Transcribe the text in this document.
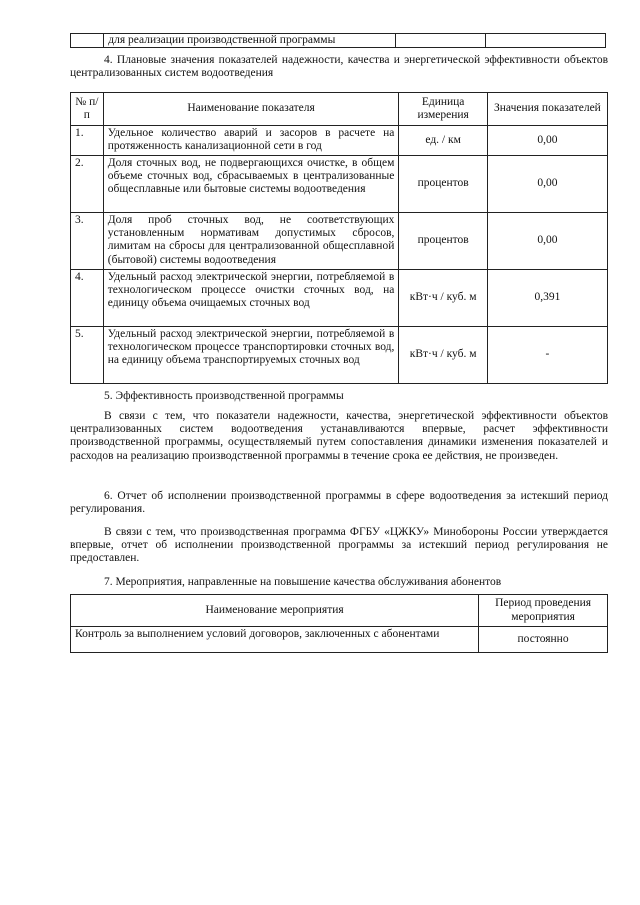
	для реализации производственной программы		

4. Плановые значения показателей надежности, качества и энергетической эффективности объектов централизованных систем водоотведения

№ п/п	Наименование показателя	Единица измерения	Значения показателей
1.	Удельное количество аварий и засоров в расчете на протяженность канализационной сети в год	ед. / км	0,00
2.	Доля сточных вод, не подвергающихся очистке, в общем объеме сточных вод, сбрасываемых в централизованные общесплавные или бытовые системы водоотведения	процентов	0,00
3.	Доля проб сточных вод, не соответствующих установленным нормативам допустимых сбросов, лимитам на сбросы для централизованной общесплавной (бытовой) системы водоотведения	процентов	0,00
4.	Удельный расход электрической энергии, потребляемой в технологическом процессе очистки сточных вод, на единицу объема очищаемых сточных вод	кВт·ч / куб. м	0,391
5.	Удельный расход электрической энергии, потребляемой в технологическом процессе транспортировки сточных вод, на единицу объема транспортируемых сточных вод	кВт·ч / куб. м	-

5. Эффективность производственной программы

В связи с тем, что показатели надежности, качества, энергетической эффективности объектов централизованных систем водоотведения устанавливаются впервые, расчет эффективности производственной программы, осуществляемый путем сопоставления динамики изменения показателей и расходов на реализацию производственной программы в течение срока ее действия, не произведен.

6. Отчет об исполнении производственной программы в сфере водоотведения за истекший период регулирования.

В связи с тем, что производственная программа ФГБУ «ЦЖКУ» Минобороны России утверждается впервые, отчет об исполнении производственной программы за истекший период регулирования не предоставлен.

7. Мероприятия, направленные на повышение качества обслуживания абонентов

Наименование мероприятия	Период проведения мероприятия
Контроль за выполнением условий договоров, заключенных с абонентами	постоянно
